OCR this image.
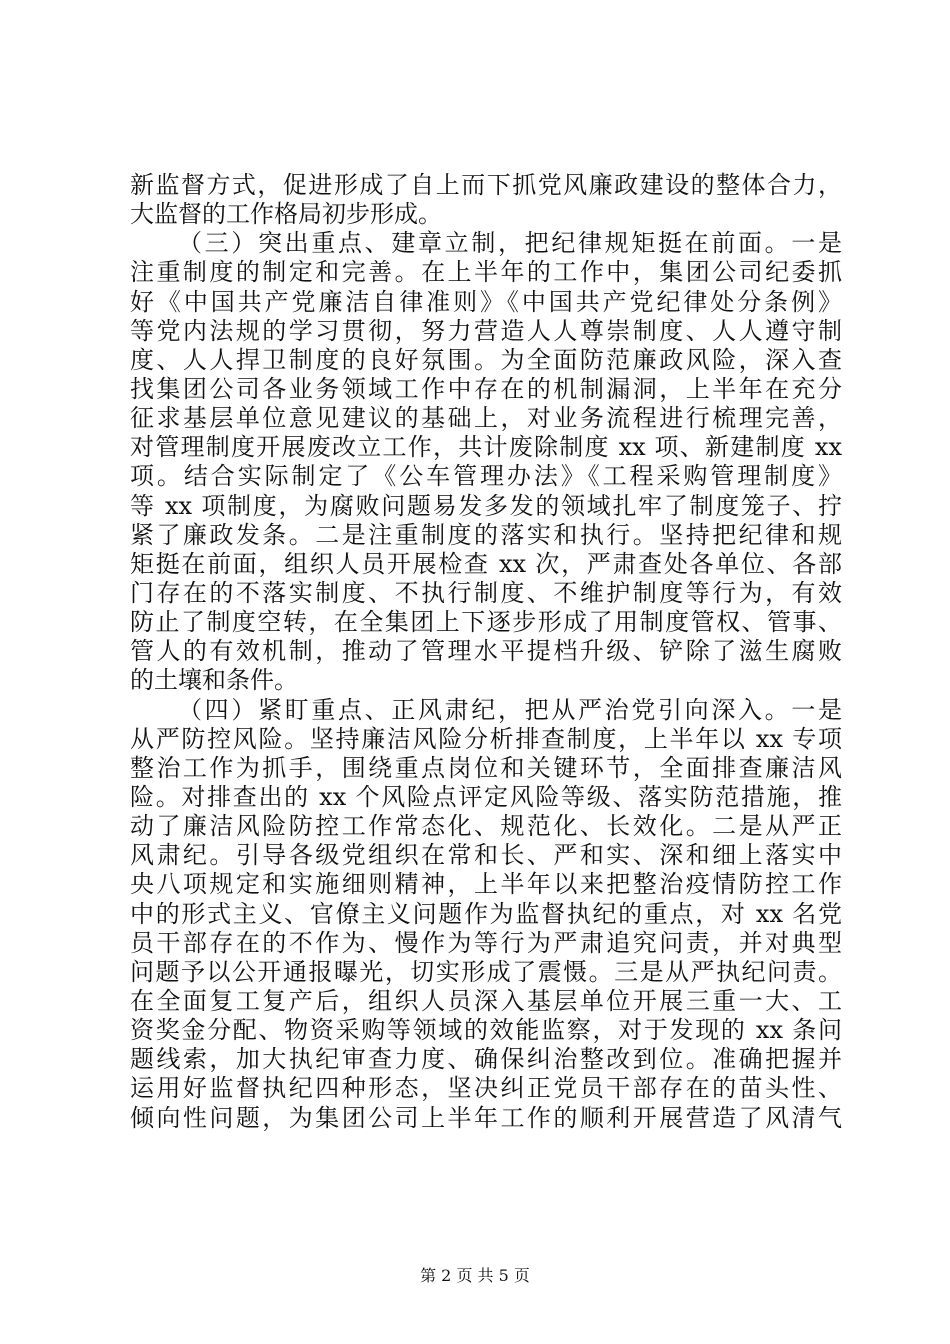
新监督方式，促进形成了自上而下抓党风廉政建设的整体合力，
大监督的工作格局初步形成。
（三）突出重点、建章立制，把纪律规矩挺在前面。一是
注重制度的制定和完善。在上半年的工作中，集团公司纪委抓
好《中国共产党廉洁自律准则》《中国共产党纪律处分条例》
等党内法规的学习贯彻，努力营造人人尊崇制度、人人遵守制
度、人人捍卫制度的良好氛围。为全面防范廉政风险，深入查
找集团公司各业务领域工作中存在的机制漏洞，上半年在充分
征求基层单位意见建议的基础上，对业务流程进行梳理完善，
对管理制度开展废改立工作，共计废除制度 xx 项、新建制度 xx
项。结合实际制定了《公车管理办法》《工程采购管理制度》
等 xx 项制度，为腐败问题易发多发的领域扎牢了制度笼子、拧
紧了廉政发条。二是注重制度的落实和执行。坚持把纪律和规
矩挺在前面，组织人员开展检查 xx 次，严肃查处各单位、各部
门存在的不落实制度、不执行制度、不维护制度等行为，有效
防止了制度空转，在全集团上下逐步形成了用制度管权、管事、
管人的有效机制，推动了管理水平提档升级、铲除了滋生腐败
的土壤和条件。
（四）紧盯重点、正风肃纪，把从严治党引向深入。一是
从严防控风险。坚持廉洁风险分析排查制度，上半年以 xx 专项
整治工作为抓手，围绕重点岗位和关键环节，全面排查廉洁风
险。对排查出的 xx 个风险点评定风险等级、落实防范措施，推
动了廉洁风险防控工作常态化、规范化、长效化。二是从严正
风肃纪。引导各级党组织在常和长、严和实、深和细上落实中
央八项规定和实施细则精神，上半年以来把整治疫情防控工作
中的形式主义、官僚主义问题作为监督执纪的重点，对 xx 名党
员干部存在的不作为、慢作为等行为严肃追究问责，并对典型
问题予以公开通报曝光，切实形成了震慑。三是从严执纪问责。
在全面复工复产后，组织人员深入基层单位开展三重一大、工
资奖金分配、物资采购等领域的效能监察，对于发现的 xx 条问
题线索，加大执纪审查力度、确保纠治整改到位。准确把握并
运用好监督执纪四种形态，坚决纠正党员干部存在的苗头性、
倾向性问题，为集团公司上半年工作的顺利开展营造了风清气
第 2 页 共 5 页
